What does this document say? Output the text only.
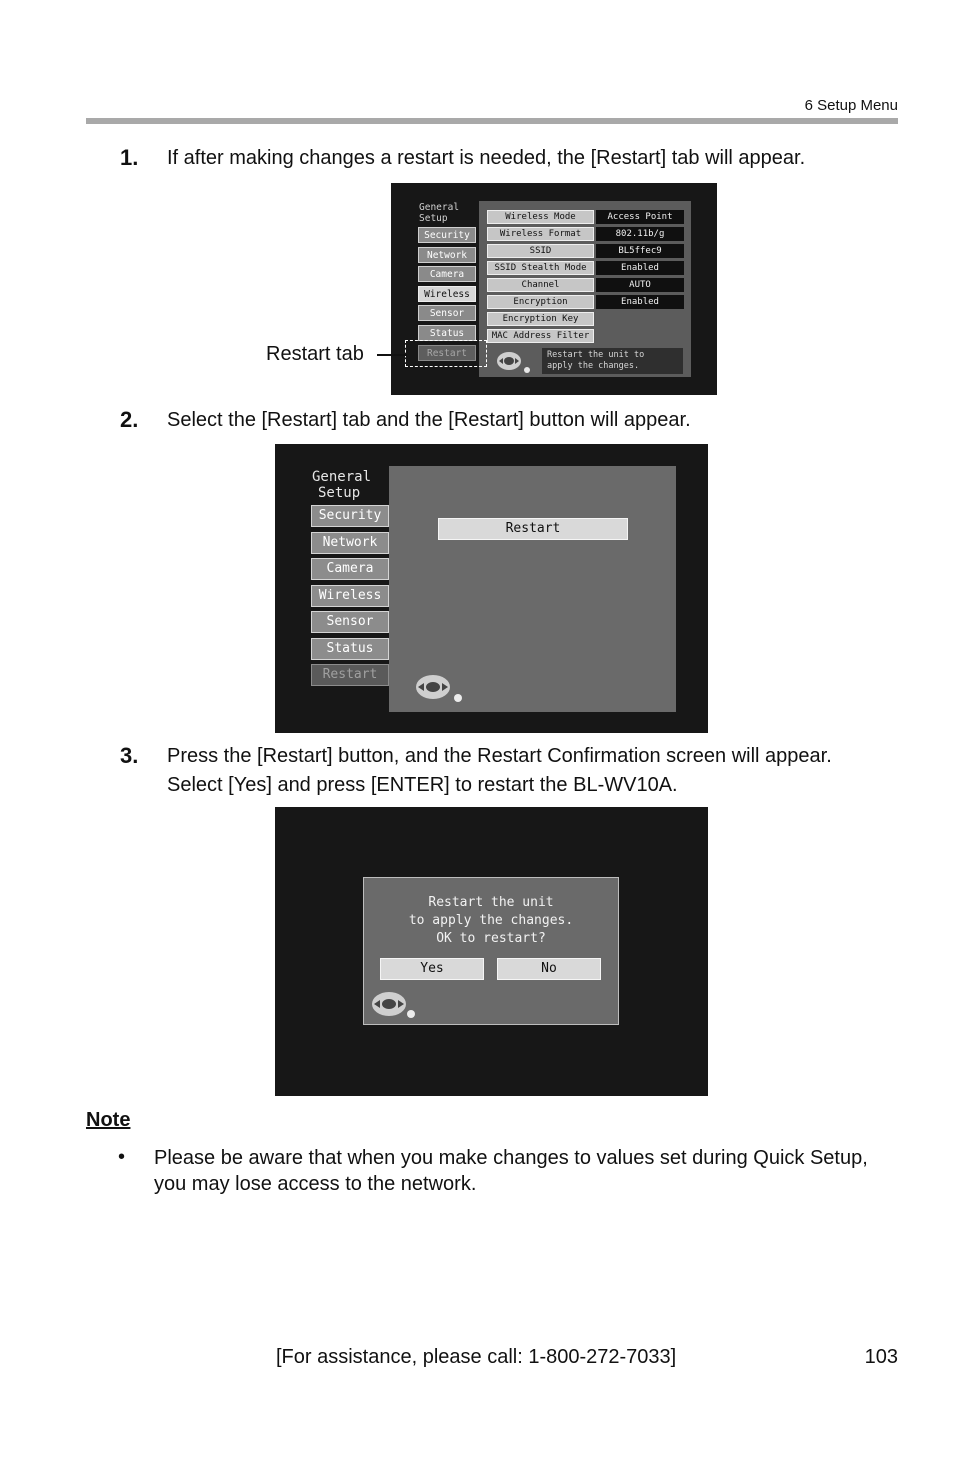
6 Setup Menu
1. If after making changes a restart is needed, the [Restart] tab will appear.
General
Setup
Security
Network
Camera
Wireless
Sensor
Status
Restart
Wireless Mode	Access Point
Wireless Format	802.11b/g
SSID	BL5ffec9
SSID Stealth Mode	Enabled
Channel	AUTO
Encryption	Enabled
Encryption Key
MAC Address Filter
Restart the unit to
apply the changes.
Restart tab
2. Select the [Restart] tab and the [Restart] button will appear.
General
Setup
Security
Network
Camera
Wireless
Sensor
Status
Restart
Restart
3. Press the [Restart] button, and the Restart Confirmation screen will appear.
Select [Yes] and press [ENTER] to restart the BL-WV10A.
Restart the unit
to apply the changes.
OK to restart?
Yes	No
Note
• Please be aware that when you make changes to values set during Quick Setup, you may lose access to the network.
[For assistance, please call: 1-800-272-7033]	103
